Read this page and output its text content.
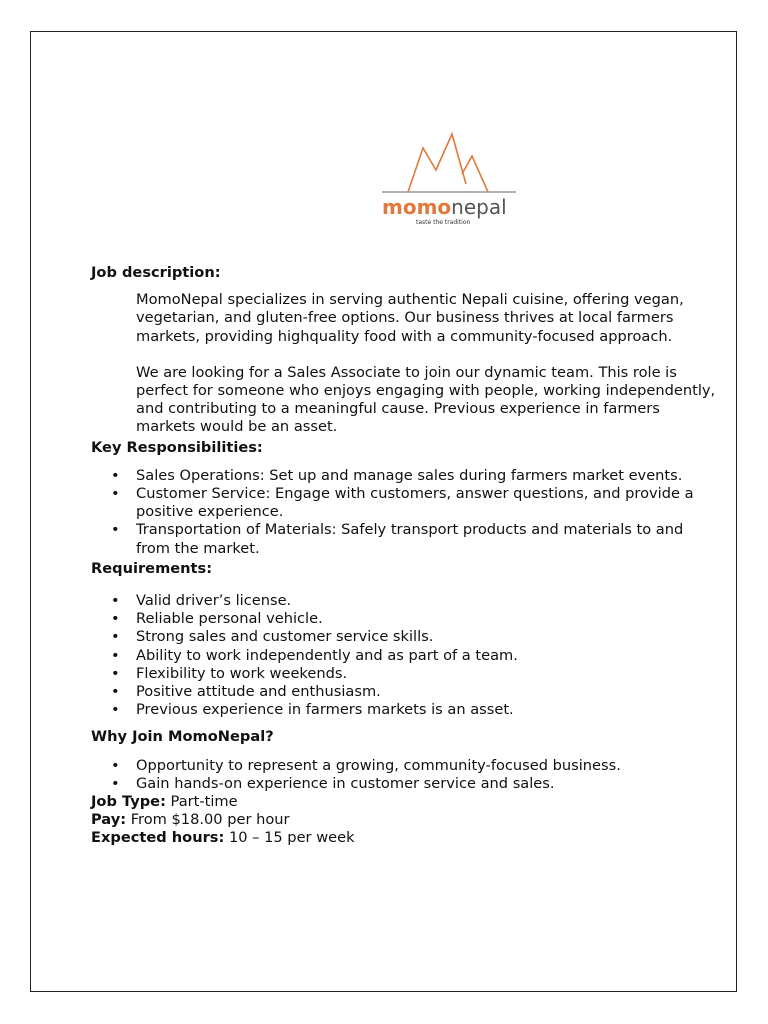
momonepal
taste the tradition

Job description:

MomoNepal specializes in serving authentic Nepali cuisine, offering vegan, vegetarian, and gluten-free options. Our business thrives at local farmers markets, providing highquality food with a community-focused approach.

We are looking for a Sales Associate to join our dynamic team. This role is perfect for someone who enjoys engaging with people, working independently, and contributing to a meaningful cause. Previous experience in farmers markets would be an asset.

Key Responsibilities:

• Sales Operations: Set up and manage sales during farmers market events.
• Customer Service: Engage with customers, answer questions, and provide a positive experience.
• Transportation of Materials: Safely transport products and materials to and from the market.

Requirements:

• Valid driver’s license.
• Reliable personal vehicle.
• Strong sales and customer service skills.
• Ability to work independently and as part of a team.
• Flexibility to work weekends.
• Positive attitude and enthusiasm.
• Previous experience in farmers markets is an asset.

Why Join MomoNepal?

• Opportunity to represent a growing, community-focused business.
• Gain hands-on experience in customer service and sales.

Job Type: Part-time

Pay: From $18.00 per hour

Expected hours: 10 – 15 per week
